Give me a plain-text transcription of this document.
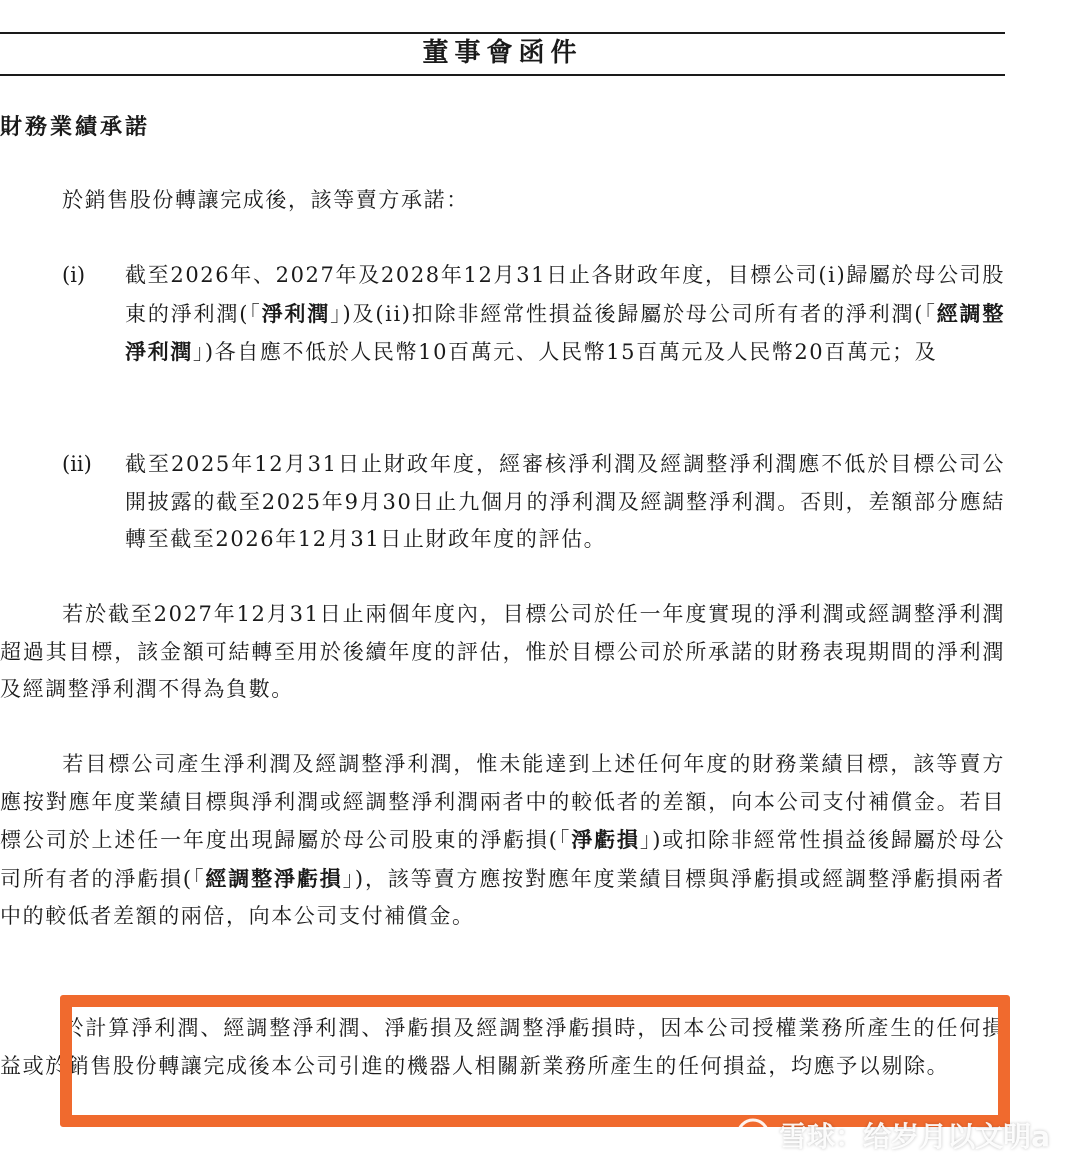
董事會函件
財務業績承諾
於銷售股份轉讓完成後，該等賣方承諾：
(i) 截至2026年、2027年及2028年12月31日止各財政年度，目標公司(i)歸屬於母公司股東的淨利潤(「淨利潤」)及(ii)扣除非經常性損益後歸屬於母公司所有者的淨利潤(「經調整淨利潤」)各自應不低於人民幣10百萬元、人民幣15百萬元及人民幣20百萬元；及
(ii) 截至2025年12月31日止財政年度，經審核淨利潤及經調整淨利潤應不低於目標公司公開披露的截至2025年9月30日止九個月的淨利潤及經調整淨利潤。否則，差額部分應結轉至截至2026年12月31日止財政年度的評估。
若於截至2027年12月31日止兩個年度內，目標公司於任一年度實現的淨利潤或經調整淨利潤超過其目標，該金額可結轉至用於後續年度的評估，惟於目標公司於所承諾的財務表現期間的淨利潤及經調整淨利潤不得為負數。
若目標公司產生淨利潤及經調整淨利潤，惟未能達到上述任何年度的財務業績目標，該等賣方應按對應年度業績目標與淨利潤或經調整淨利潤兩者中的較低者的差額，向本公司支付補償金。若目標公司於上述任一年度出現歸屬於母公司股東的淨虧損(「淨虧損」)或扣除非經常性損益後歸屬於母公司所有者的淨虧損(「經調整淨虧損」)，該等賣方應按對應年度業績目標與淨虧損或經調整淨虧損兩者中的較低者差額的兩倍，向本公司支付補償金。
於計算淨利潤、經調整淨利潤、淨虧損及經調整淨虧損時，因本公司授權業務所產生的任何損益或於銷售股份轉讓完成後本公司引進的機器人相關新業務所產生的任何損益，均應予以剔除。
雪球：给岁月以文明a
